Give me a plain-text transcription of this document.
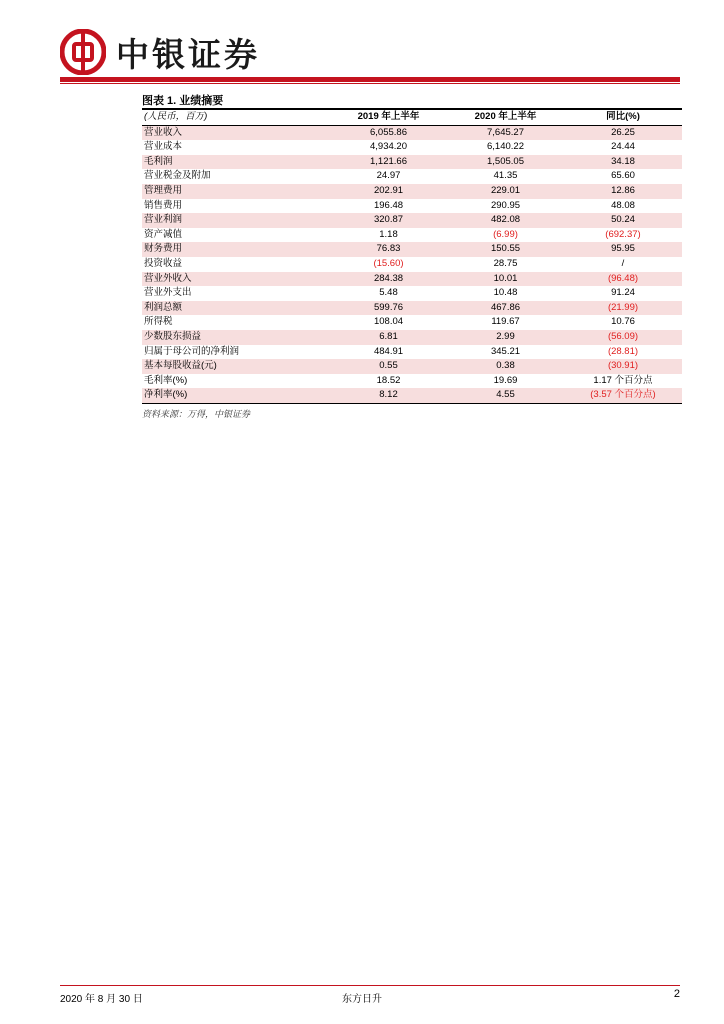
中银证券
图表 1. 业绩摘要
(人民币，百万)	2019 年上半年	2020 年上半年	同比(%)
营业收入	6,055.86	7,645.27	26.25
营业成本	4,934.20	6,140.22	24.44
毛利润	1,121.66	1,505.05	34.18
营业税金及附加	24.97	41.35	65.60
管理费用	202.91	229.01	12.86
销售费用	196.48	290.95	48.08
营业利润	320.87	482.08	50.24
资产减值	1.18	(6.99)	(692.37)
财务费用	76.83	150.55	95.95
投资收益	(15.60)	28.75	/
营业外收入	284.38	10.01	(96.48)
营业外支出	5.48	10.48	91.24
利润总额	599.76	467.86	(21.99)
所得税	108.04	119.67	10.76
少数股东损益	6.81	2.99	(56.09)
归属于母公司的净利润	484.91	345.21	(28.81)
基本每股收益(元)	0.55	0.38	(30.91)
毛利率(%)	18.52	19.69	1.17 个百分点
净利率(%)	8.12	4.55	(3.57 个百分点)
资料来源：万得，中银证券
2020 年 8 月 30 日	东方日升	2
